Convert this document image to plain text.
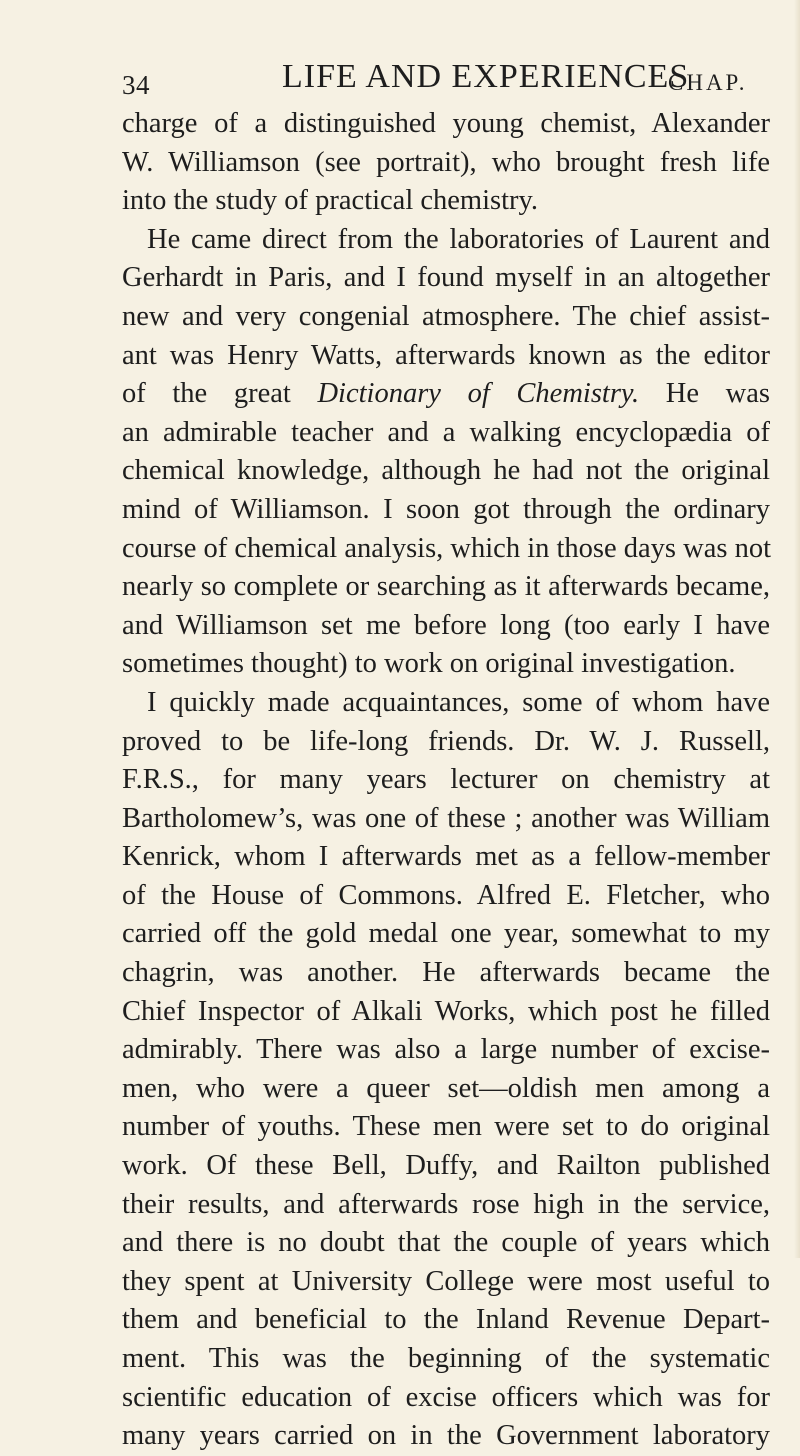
34	LIFE AND EXPERIENCES
CHAP.
charge of a distinguished young chemist, Alexander
W. Williamson (see portrait), who brought fresh life
into the study of practical chemistry.
He came direct from the laboratories of Laurent and
Gerhardt in Paris, and I found myself in an altogether
new and very congenial atmosphere. The chief assist-
ant was Henry Watts, afterwards known as the editor
of the great Dictionary of Chemistry. He was
an admirable teacher and a walking encyclopædia of
chemical knowledge, although he had not the original
mind of Williamson. I soon got through the ordinary
course of chemical analysis, which in those days was not
nearly so complete or searching as it afterwards became,
and Williamson set me before long (too early I have
sometimes thought) to work on original investigation.
I quickly made acquaintances, some of whom have
proved to be life-long friends. Dr. W. J. Russell,
F.R.S., for many years lecturer on chemistry at
Bartholomew’s, was one of these ; another was William
Kenrick, whom I afterwards met as a fellow-member
of the House of Commons. Alfred E. Fletcher, who
carried off the gold medal one year, somewhat to my
chagrin, was another. He afterwards became the
Chief Inspector of Alkali Works, which post he filled
admirably. There was also a large number of excise-
men, who were a queer set—oldish men among a
number of youths. These men were set to do original
work. Of these Bell, Duffy, and Railton published
their results, and afterwards rose high in the service,
and there is no doubt that the couple of years which
they spent at University College were most useful to
them and beneficial to the Inland Revenue Depart-
ment. This was the beginning of the systematic
scientific education of excise officers which was for
many years carried on in the Government laboratory
